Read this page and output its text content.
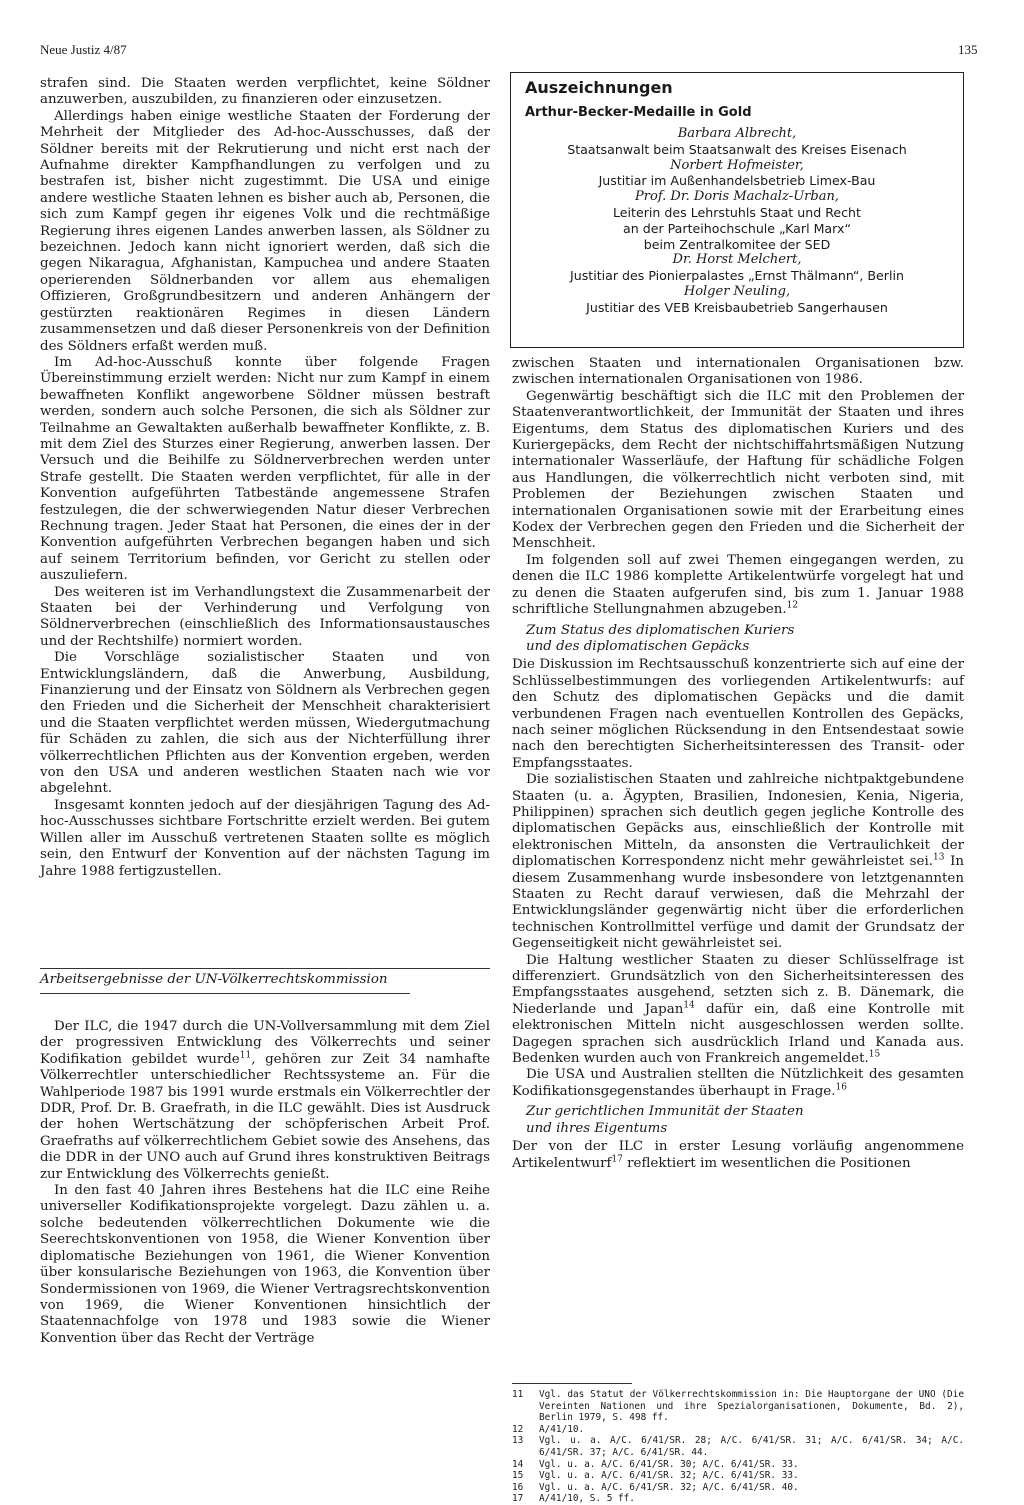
Neue Justiz 4/87	135

strafen sind. Die Staaten werden verpflichtet, keine Söldner anzuwerben, auszubilden, zu finanzieren oder einzusetzen.

Allerdings haben einige westliche Staaten der Forderung der Mehrheit der Mitglieder des Ad-hoc-Ausschusses, daß der Söldner bereits mit der Rekrutierung und nicht erst nach der Aufnahme direkter Kampfhandlungen zu verfolgen und zu bestrafen ist, bisher nicht zugestimmt. Die USA und einige andere westliche Staaten lehnen es bisher auch ab, Personen, die sich zum Kampf gegen ihr eigenes Volk und die rechtmäßige Regierung ihres eigenen Landes anwerben lassen, als Söldner zu bezeichnen. Jedoch kann nicht ignoriert werden, daß sich die gegen Nikaragua, Afghanistan, Kampuchea und andere Staaten operierenden Söldnerbanden vor allem aus ehemaligen Offizieren, Großgrundbesitzern und anderen Anhängern der gestürzten reaktionären Regimes in diesen Ländern zusammensetzen und daß dieser Personenkreis von der Definition des Söldners erfaßt werden muß.

Im Ad-hoc-Ausschuß konnte über folgende Fragen Übereinstimmung erzielt werden: Nicht nur zum Kampf in einem bewaffneten Konflikt angeworbene Söldner müssen bestraft werden, sondern auch solche Personen, die sich als Söldner zur Teilnahme an Gewaltakten außerhalb bewaffneter Konflikte, z. B. mit dem Ziel des Sturzes einer Regierung, anwerben lassen. Der Versuch und die Beihilfe zu Söldnerverbrechen werden unter Strafe gestellt. Die Staaten werden verpflichtet, für alle in der Konvention aufgeführten Tatbestände angemessene Strafen festzulegen, die der schwerwiegenden Natur dieser Verbrechen Rechnung tragen. Jeder Staat hat Personen, die eines der in der Konvention aufgeführten Verbrechen begangen haben und sich auf seinem Territorium befinden, vor Gericht zu stellen oder auszuliefern.

Des weiteren ist im Verhandlungstext die Zusammenarbeit der Staaten bei der Verhinderung und Verfolgung von Söldnerverbrechen (einschließlich des Informationsaustausches und der Rechtshilfe) normiert worden.

Die Vorschläge sozialistischer Staaten und von Entwicklungsländern, daß die Anwerbung, Ausbildung, Finanzierung und der Einsatz von Söldnern als Verbrechen gegen den Frieden und die Sicherheit der Menschheit charakterisiert und die Staaten verpflichtet werden müssen, Wiedergutmachung für Schäden zu zahlen, die sich aus der Nichterfüllung ihrer völkerrechtlichen Pflichten aus der Konvention ergeben, werden von den USA und anderen westlichen Staaten nach wie vor abgelehnt.

Insgesamt konnten jedoch auf der diesjährigen Tagung des Ad-hoc-Ausschusses sichtbare Fortschritte erzielt werden. Bei gutem Willen aller im Ausschuß vertretenen Staaten sollte es möglich sein, den Entwurf der Konvention auf der nächsten Tagung im Jahre 1988 fertigzustellen.

Arbeitsergebnisse der UN-Völkerrechtskommission

Der ILC, die 1947 durch die UN-Vollversammlung mit dem Ziel der progressiven Entwicklung des Völkerrechts und seiner Kodifikation gebildet wurde$^{11}$, gehören zur Zeit 34 namhafte Völkerrechtler unterschiedlicher Rechtssysteme an. Für die Wahlperiode 1987 bis 1991 wurde erstmals ein Völkerrechtler der DDR, Prof. Dr. B. Graefrath, in die ILC gewählt. Dies ist Ausdruck der hohen Wertschätzung der schöpferischen Arbeit Prof. Graefraths auf völkerrechtlichem Gebiet sowie des Ansehens, das die DDR in der UNO auch auf Grund ihres konstruktiven Beitrags zur Entwicklung des Völkerrechts genießt.

In den fast 40 Jahren ihres Bestehens hat die ILC eine Reihe universeller Kodifikationsprojekte vorgelegt. Dazu zählen u. a. solche bedeutenden völkerrechtlichen Dokumente wie die Seerechtskonventionen von 1958, die Wiener Konvention über diplomatische Beziehungen von 1961, die Wiener Konvention über konsularische Beziehungen von 1963, die Konvention über Sondermissionen von 1969, die Wiener Vertragsrechtskonvention von 1969, die Wiener Konventionen hinsichtlich der Staatennachfolge von 1978 und 1983 sowie die Wiener Konvention über das Recht der Verträge

Auszeichnungen
Arthur-Becker-Medaille in Gold
Barbara Albrecht,
Staatsanwalt beim Staatsanwalt des Kreises Eisenach
Norbert Hofmeister,
Justitiar im Außenhandelsbetrieb Limex-Bau
Prof. Dr. Doris Machalz-Urban,
Leiterin des Lehrstuhls Staat und Recht
an der Parteihochschule „Karl Marx“
beim Zentralkomitee der SED
Dr. Horst Melchert,
Justitiar des Pionierpalastes „Ernst Thälmann“, Berlin
Holger Neuling,
Justitiar des VEB Kreisbaubetrieb Sangerhausen

zwischen Staaten und internationalen Organisationen bzw. zwischen internationalen Organisationen von 1986.

Gegenwärtig beschäftigt sich die ILC mit den Problemen der Staatenverantwortlichkeit, der Immunität der Staaten und ihres Eigentums, dem Status des diplomatischen Kuriers und des Kuriergepäcks, dem Recht der nichtschiffahrtsmäßigen Nutzung internationaler Wasserläufe, der Haftung für schädliche Folgen aus Handlungen, die völkerrechtlich nicht verboten sind, mit Problemen der Beziehungen zwischen Staaten und internationalen Organisationen sowie mit der Erarbeitung eines Kodex der Verbrechen gegen den Frieden und die Sicherheit der Menschheit.

Im folgenden soll auf zwei Themen eingegangen werden, zu denen die ILC 1986 komplette Artikelentwürfe vorgelegt hat und zu denen die Staaten aufgerufen sind, bis zum 1. Januar 1988 schriftliche Stellungnahmen abzugeben.$^{12}$

Zum Status des diplomatischen Kuriers
und des diplomatischen Gepäcks

Die Diskussion im Rechtsausschuß konzentrierte sich auf eine der Schlüsselbestimmungen des vorliegenden Artikelentwurfs: auf den Schutz des diplomatischen Gepäcks und die damit verbundenen Fragen nach eventuellen Kontrollen des Gepäcks, nach seiner möglichen Rücksendung in den Entsendestaat sowie nach den berechtigten Sicherheitsinteressen des Transit- oder Empfangsstaates.

Die sozialistischen Staaten und zahlreiche nichtpaktgebundene Staaten (u. a. Ägypten, Brasilien, Indonesien, Kenia, Nigeria, Philippinen) sprachen sich deutlich gegen jegliche Kontrolle des diplomatischen Gepäcks aus, einschließlich der Kontrolle mit elektronischen Mitteln, da ansonsten die Vertraulichkeit der diplomatischen Korrespondenz nicht mehr gewährleistet sei.$^{13}$ In diesem Zusammenhang wurde insbesondere von letztgenannten Staaten zu Recht darauf verwiesen, daß die Mehrzahl der Entwicklungsländer gegenwärtig nicht über die erforderlichen technischen Kontrollmittel verfüge und damit der Grundsatz der Gegenseitigkeit nicht gewährleistet sei.

Die Haltung westlicher Staaten zu dieser Schlüsselfrage ist differenziert. Grundsätzlich von den Sicherheitsinteressen des Empfangsstaates ausgehend, setzten sich z. B. Dänemark, die Niederlande und Japan$^{14}$ dafür ein, daß eine Kontrolle mit elektronischen Mitteln nicht ausgeschlossen werden sollte. Dagegen sprachen sich ausdrücklich Irland und Kanada aus. Bedenken wurden auch von Frankreich angemeldet.$^{15}$

Die USA und Australien stellten die Nützlichkeit des gesamten Kodifikationsgegenstandes überhaupt in Frage.$^{16}$

Zur gerichtlichen Immunität der Staaten
und ihres Eigentums

Der von der ILC in erster Lesung vorläufig angenommene Artikelentwurf$^{17}$ reflektiert im wesentlichen die Positionen

11	Vgl. das Statut der Völkerrechtskommission in: Die Hauptorgane der UNO (Die Vereinten Nationen und ihre Spezialorganisationen, Dokumente, Bd. 2), Berlin 1979, S. 498 ff.
12	A/41/10.
13	Vgl. u. a. A/C. 6/41/SR. 28; A/C. 6/41/SR. 31; A/C. 6/41/SR. 34; A/C. 6/41/SR. 37; A/C. 6/41/SR. 44.
14	Vgl. u. a. A/C. 6/41/SR. 30; A/C. 6/41/SR. 33.
15	Vgl. u. a. A/C. 6/41/SR. 32; A/C. 6/41/SR. 33.
16	Vgl. u. a. A/C. 6/41/SR. 32; A/C. 6/41/SR. 40.
17	A/41/10, S. 5 ff.
